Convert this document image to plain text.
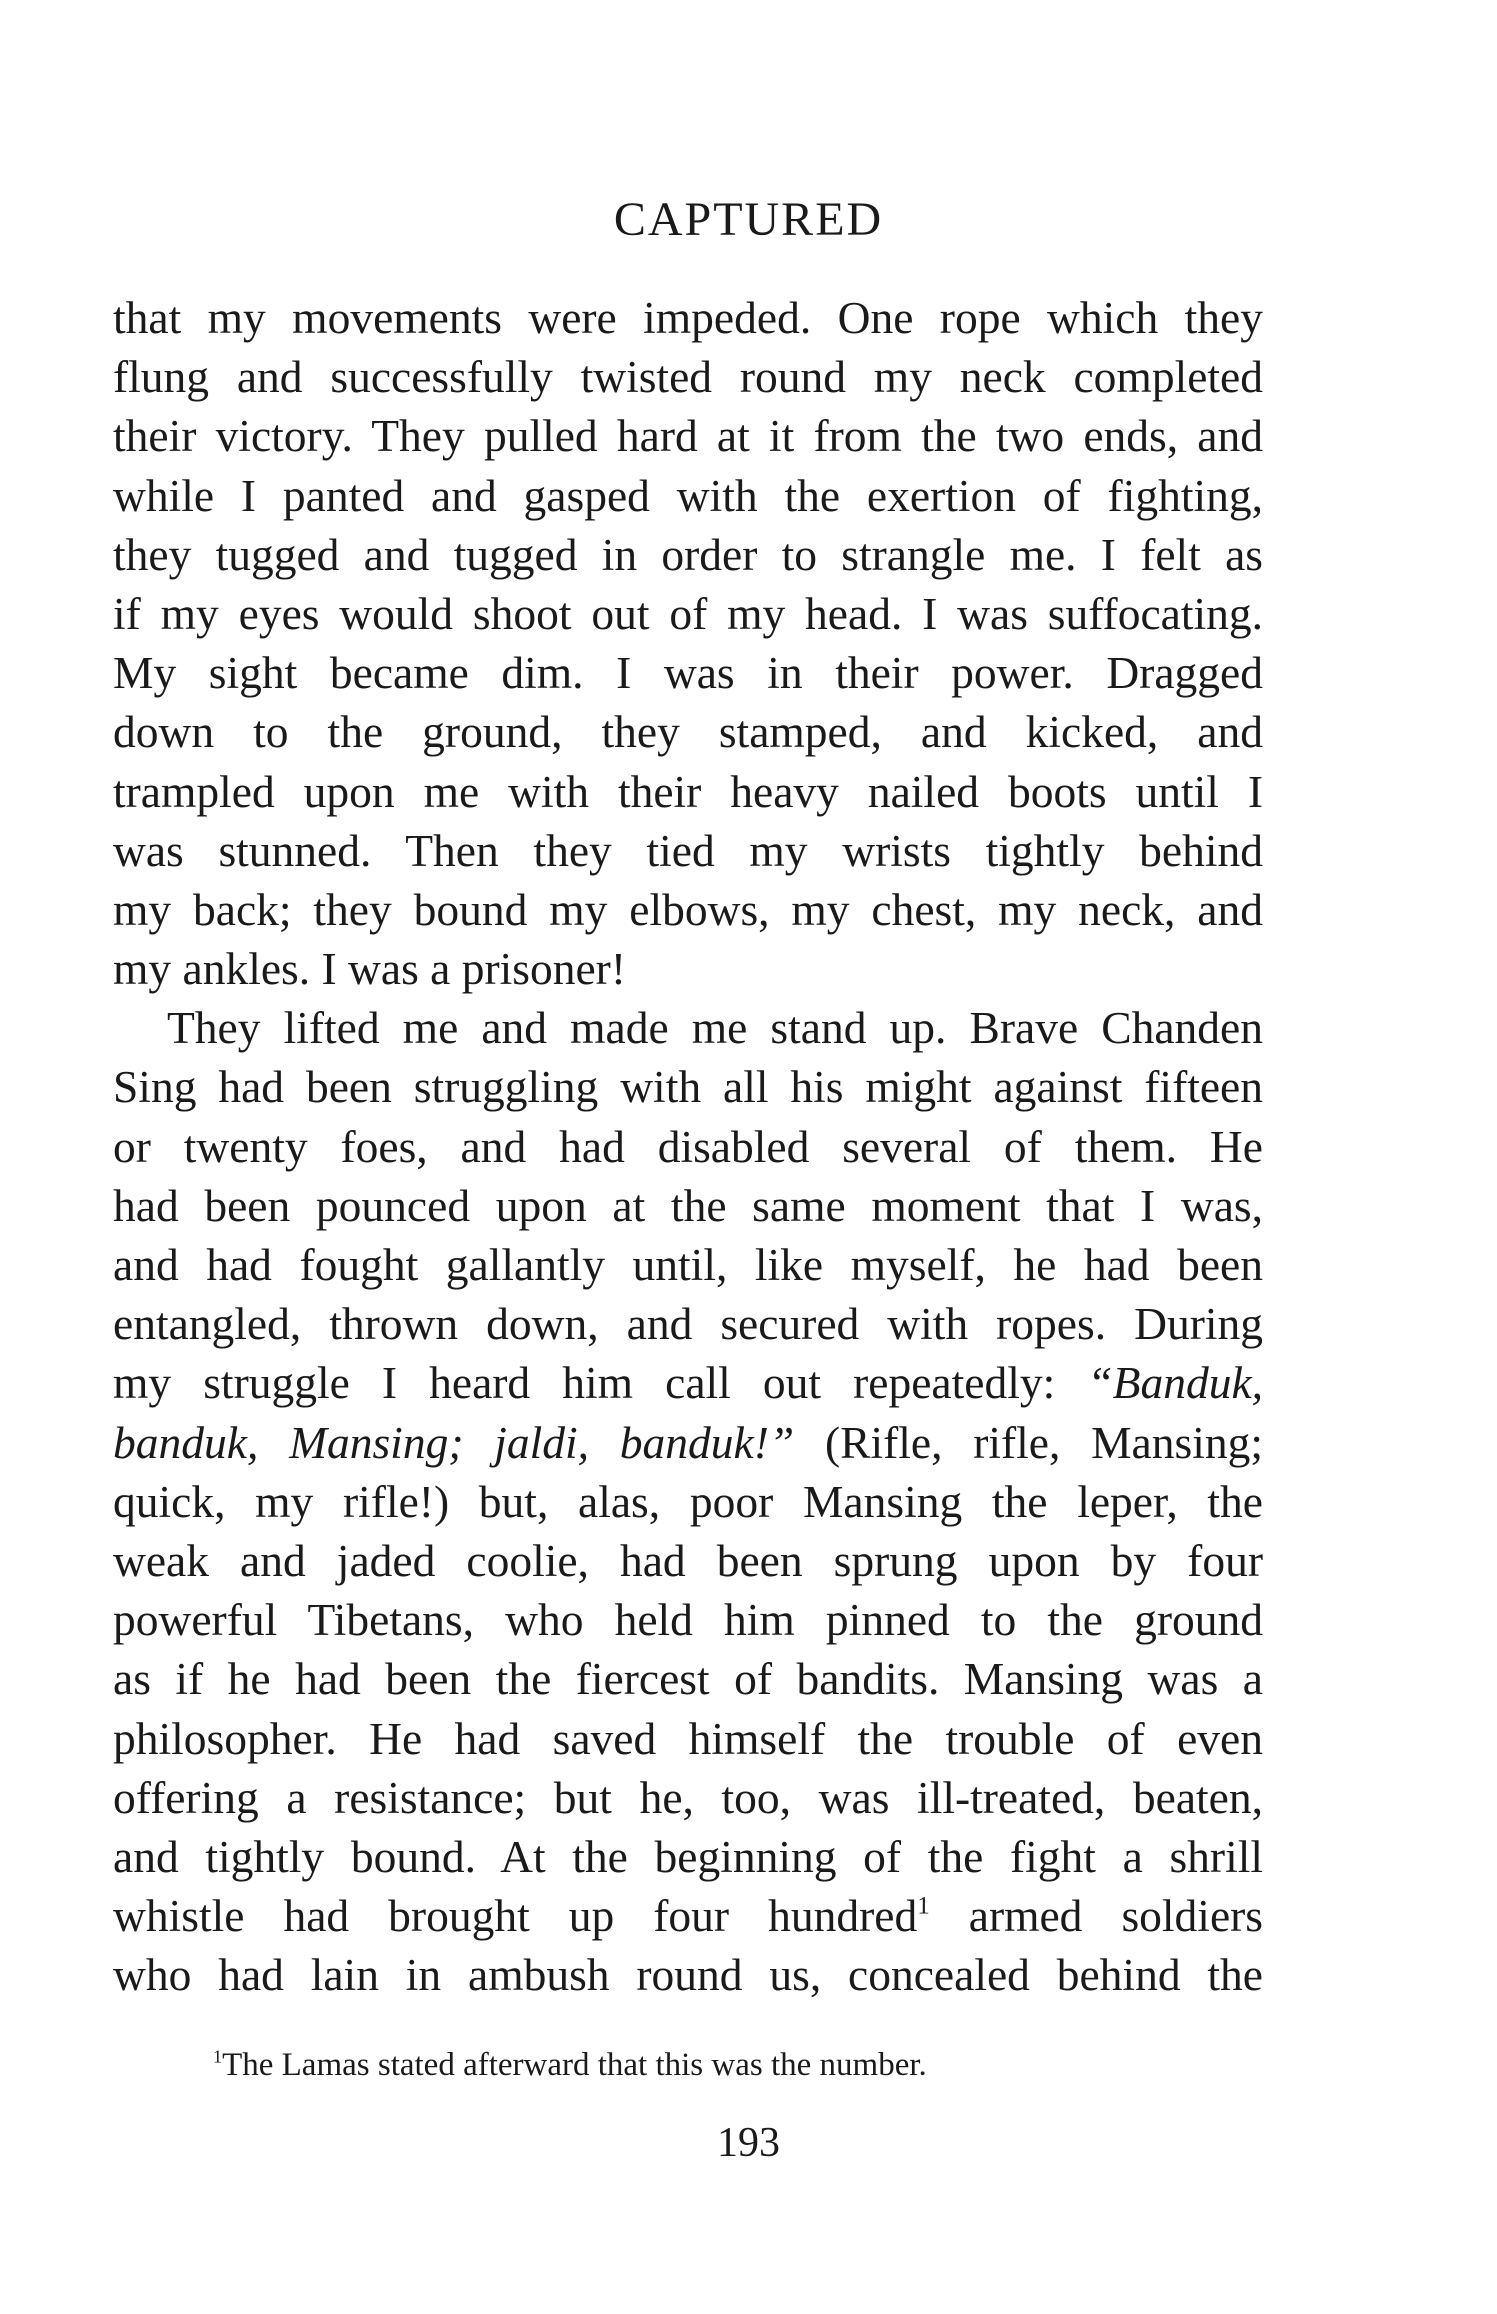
CAPTURED
that my movements were impeded. One rope which they
flung and successfully twisted round my neck completed
their victory. They pulled hard at it from the two ends, and
while I panted and gasped with the exertion of fighting,
they tugged and tugged in order to strangle me. I felt as
if my eyes would shoot out of my head. I was suffocating.
My sight became dim. I was in their power. Dragged
down to the ground, they stamped, and kicked, and
trampled upon me with their heavy nailed boots until I
was stunned. Then they tied my wrists tightly behind
my back; they bound my elbows, my chest, my neck, and
my ankles. I was a prisoner!
They lifted me and made me stand up. Brave Chanden
Sing had been struggling with all his might against fifteen
or twenty foes, and had disabled several of them. He
had been pounced upon at the same moment that I was,
and had fought gallantly until, like myself, he had been
entangled, thrown down, and secured with ropes. During
my struggle I heard him call out repeatedly: “Banduk,
banduk, Mansing; jaldi, banduk!” (Rifle, rifle, Mansing;
quick, my rifle!) but, alas, poor Mansing the leper, the
weak and jaded coolie, had been sprung upon by four
powerful Tibetans, who held him pinned to the ground
as if he had been the fiercest of bandits. Mansing was a
philosopher. He had saved himself the trouble of even
offering a resistance; but he, too, was ill-treated, beaten,
and tightly bound. At the beginning of the fight a shrill
whistle had brought up four hundred$^1$ armed soldiers
who had lain in ambush round us, concealed behind the
$^1$The Lamas stated afterward that this was the number.
193
